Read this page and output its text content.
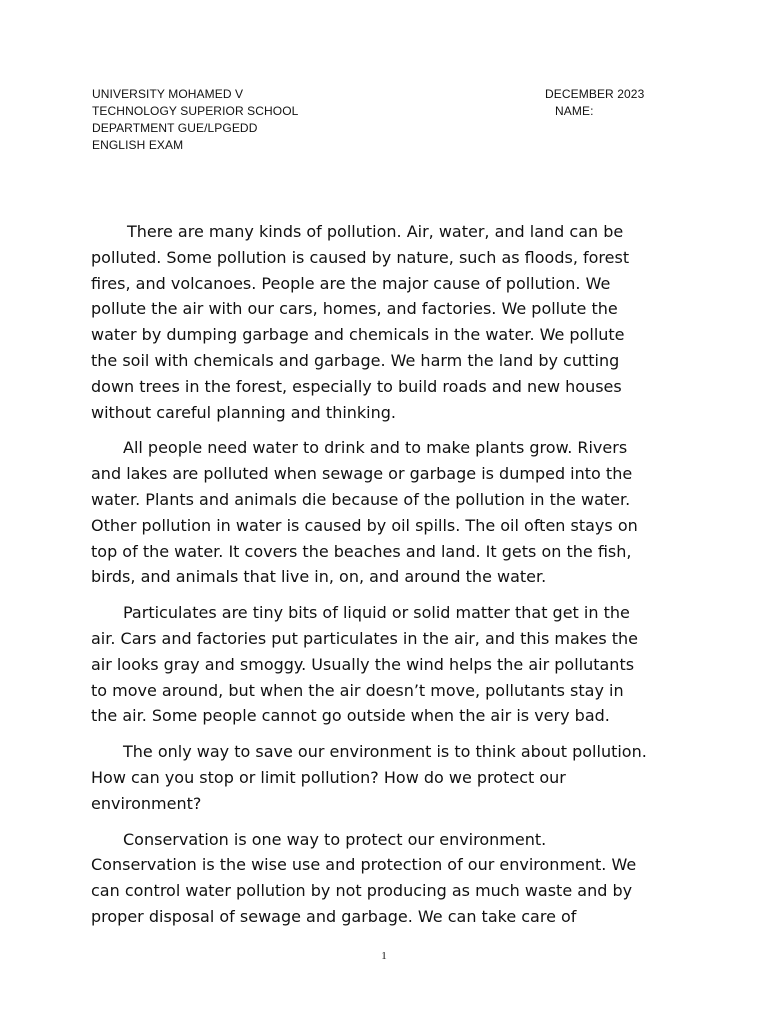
UNIVERSITY MOHAMED V
TECHNOLOGY SUPERIOR SCHOOL
DEPARTMENT GUE/LPGEDD
ENGLISH EXAM
DECEMBER 2023
NAME:

There are many kinds of pollution. Air, water, and land can be
polluted. Some pollution is caused by nature, such as floods, forest
fires, and volcanoes. People are the major cause of pollution. We
pollute the air with our cars, homes, and factories. We pollute the
water by dumping garbage and chemicals in the water. We pollute
the soil with chemicals and garbage. We harm the land by cutting
down trees in the forest, especially to build roads and new houses
without careful planning and thinking.

All people need water to drink and to make plants grow. Rivers
and lakes are polluted when sewage or garbage is dumped into the
water. Plants and animals die because of the pollution in the water.
Other pollution in water is caused by oil spills. The oil often stays on
top of the water. It covers the beaches and land. It gets on the fish,
birds, and animals that live in, on, and around the water.

Particulates are tiny bits of liquid or solid matter that get in the
air. Cars and factories put particulates in the air, and this makes the
air looks gray and smoggy. Usually the wind helps the air pollutants
to move around, but when the air doesn’t move, pollutants stay in
the air. Some people cannot go outside when the air is very bad.

The only way to save our environment is to think about pollution.
How can you stop or limit pollution? How do we protect our
environment?

Conservation is one way to protect our environment.
Conservation is the wise use and protection of our environment. We
can control water pollution by not producing as much waste and by
proper disposal of sewage and garbage. We can take care of

1
